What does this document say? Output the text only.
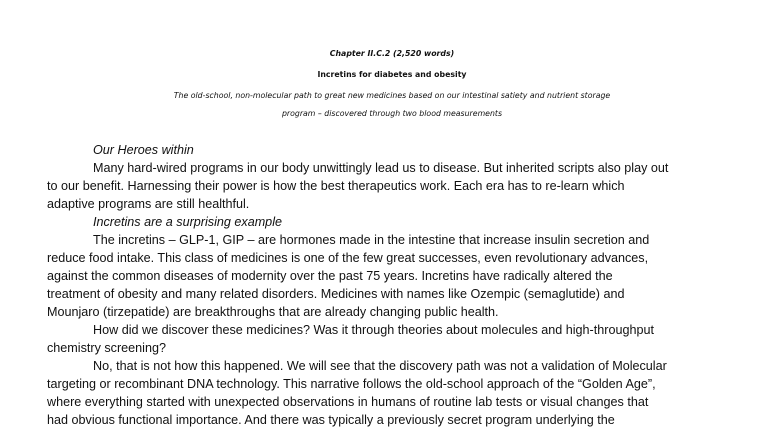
Chapter II.C.2 (2,520 words)
Incretins for diabetes and obesity
The old-school, non-molecular path to great new medicines based on our intestinal satiety and nutrient storage
program – discovered through two blood measurements
Our Heroes within
Many hard-wired programs in our body unwittingly lead us to disease. But inherited scripts also play out
to our benefit. Harnessing their power is how the best therapeutics work. Each era has to re-learn which
adaptive programs are still healthful.
Incretins are a surprising example
The incretins – GLP-1, GIP – are hormones made in the intestine that increase insulin secretion and
reduce food intake. This class of medicines is one of the few great successes, even revolutionary advances,
against the common diseases of modernity over the past 75 years. Incretins have radically altered the
treatment of obesity and many related disorders. Medicines with names like Ozempic (semaglutide) and
Mounjaro (tirzepatide) are breakthroughs that are already changing public health.
How did we discover these medicines? Was it through theories about molecules and high-throughput
chemistry screening?
No, that is not how this happened. We will see that the discovery path was not a validation of Molecular
targeting or recombinant DNA technology. This narrative follows the old-school approach of the “Golden Age”,
where everything started with unexpected observations in humans of routine lab tests or visual changes that
had obvious functional importance. And there was typically a previously secret program underlying the
